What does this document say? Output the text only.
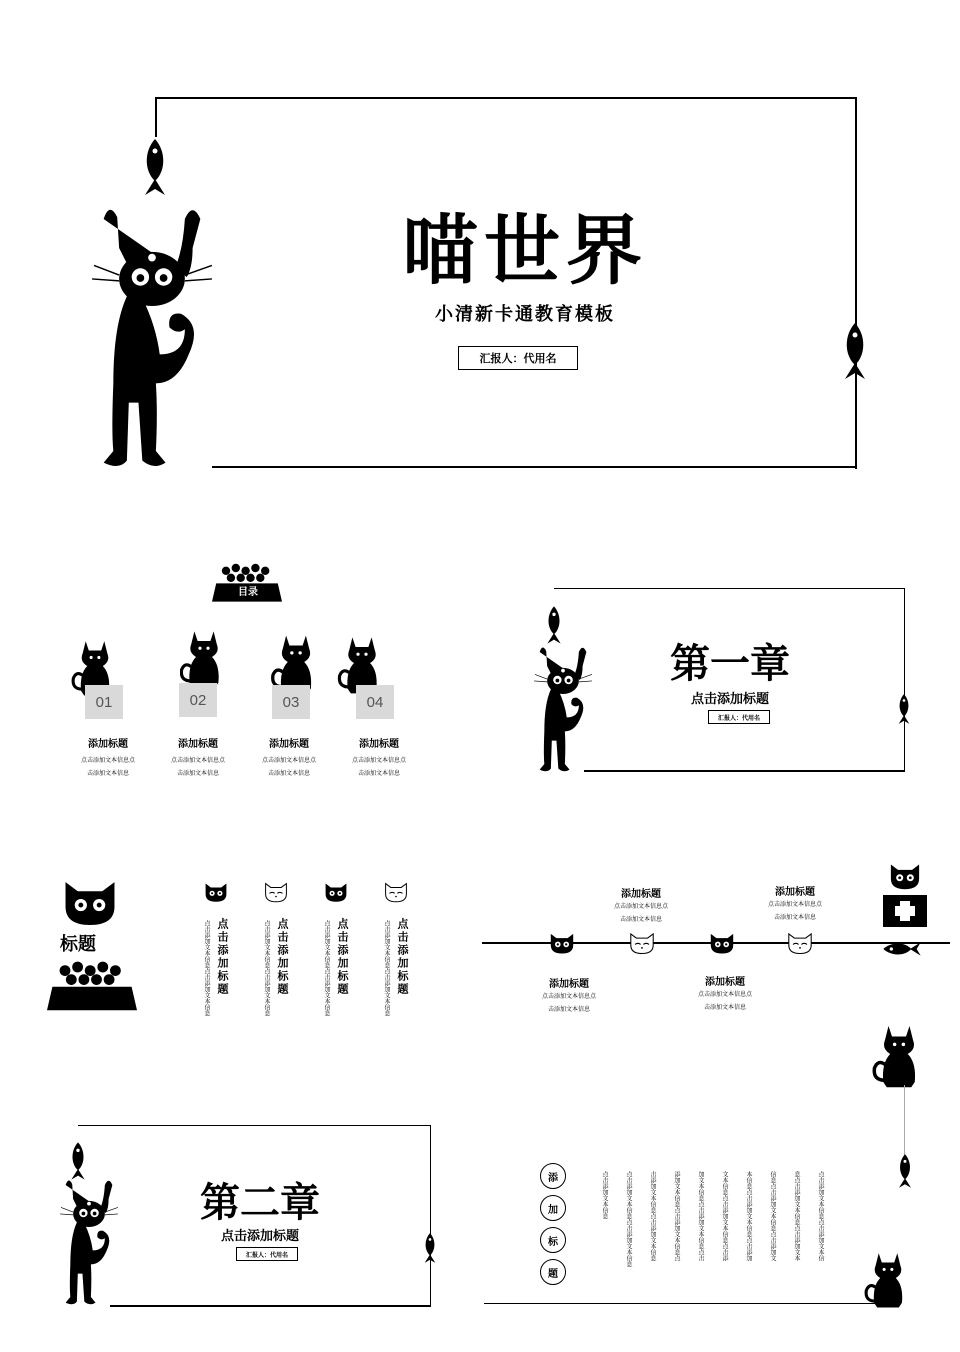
喵世界
小清新卡通教育模板
汇报人：代用名
目录
01	02	03	04
添加标题
点击添加文本信息点
击添加文本信息
添加标题
点击添加文本信息点
击添加文本信息
添加标题
点击添加文本信息点
击添加文本信息
添加标题
点击添加文本信息点
击添加文本信息
第一章
点击添加标题
汇报人：代用名
标题	点击添加标题
点击添加文本信息点击添加文本信息	点击添加标题
点击添加文本信息点击添加文本信息	点击添加标题
点击添加文本信息点击添加文本信息	点击添加标题
点击添加文本信息点击添加文本信息
添加标题
点击添加文本信息点
击添加文本信息
添加标题
点击添加文本信息点
击添加文本信息
添加标题
点击添加文本信息点
击添加文本信息
添加标题
点击添加文本信息点
击添加文本信息
第二章
点击添加标题
汇报人：代用名
添
加
标
题
点击添加文本信息	点击添加文本信息点击添加文本信息	击添加文本信息点击添加文本信息	添加文本信息点击添加文本信息点	加文本信息点击添加文本信息点击	文本信息点击添加文本信息点击添	本信息点击添加文本信息点击添加	信息点击添加文本信息点击添加文	息点击添加文本信息点击添加文本	点击添加文本信息点击添加文本信
